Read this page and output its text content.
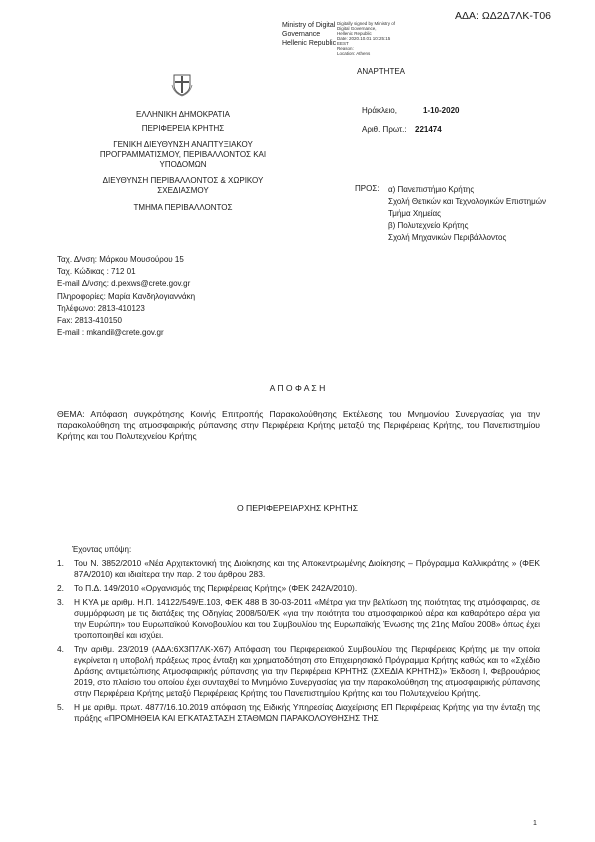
ΑΔΑ: ΩΔ2Δ7ΛΚ-Τ06
Ministry of Digital
Governance
Hellenic Republic
Digitally signed by Ministry of
Digital Governance,
Hellenic Republic
Date: 2020.10.01 10:25:15
EEST
Reason:
Location: Athens
ΑΝΑΡΤΗΤΕΑ
ΕΛΛΗΝΙΚΗ ΔΗΜΟΚΡΑΤΙΑ
ΠΕΡΙΦΕΡΕΙΑ ΚΡΗΤΗΣ
ΓΕΝΙΚΗ ΔΙΕΥΘΥΝΣΗ ΑΝΑΠΤΥΞΙΑΚΟΥ
ΠΡΟΓΡΑΜΜΑΤΙΣΜΟΥ, ΠΕΡΙΒΑΛΛΟΝΤΟΣ ΚΑΙ
ΥΠΟΔΟΜΩΝ
ΔΙΕΥΘΥΝΣΗ ΠΕΡΙΒΑΛΛΟΝΤΟΣ & ΧΩΡΙΚΟΥ
ΣΧΕΔΙΑΣΜΟΥ
ΤΜΗΜΑ ΠΕΡΙΒΑΛΛΟΝΤΟΣ
Ηράκλειο,	1-10-2020
Αριθ. Πρωτ.: 221474
ΠΡΟΣ: α) Πανεπιστήμιο Κρήτης
Σχολή Θετικών και Τεχνολογικών Επιστημών
Τμήμα Χημείας
β) Πολυτεχνείο Κρήτης
Σχολή Μηχανικών Περιβάλλοντος
Ταχ. Δ/νση: Μάρκου Μουσούρου 15
Ταχ. Κώδικας : 712 01
E-mail Δ/νσης: d.pexws@crete.gov.gr
Πληροφορίες: Μαρία Κανδηλογιαννάκη
Τηλέφωνο: 2813-410123
Fax: 2813-410150
E-mail : mkandil@crete.gov.gr
Α Π Ο Φ Α Σ Η
ΘΕΜΑ: Απόφαση συγκρότησης Κοινής Επιτροπής Παρακολούθησης Εκτέλεσης του Μνημονίου Συνεργασίας για την παρακολούθηση της ατμοσφαιρικής ρύπανσης στην Περιφέρεια Κρήτης μεταξύ της Περιφέρειας Κρήτης, του Πανεπιστημίου Κρήτης και του Πολυτεχνείου Κρήτης
Ο ΠΕΡΙΦΕΡΕΙΑΡΧΗΣ ΚΡΗΤΗΣ
Έχοντας υπόψη:
1. Του Ν. 3852/2010 «Νέα Αρχιτεκτονική της Διοίκησης και της Αποκεντρωμένης Διοίκησης – Πρόγραμμα Καλλικράτης » (ΦΕΚ 87Α/2010) και ιδιαίτερα την παρ. 2 του άρθρου 283.
2. Το Π.Δ. 149/2010 «Οργανισμός της Περιφέρειας Κρήτης» (ΦΕΚ 242Α/2010).
3. Η ΚΥΑ με αριθμ. Η.Π. 14122/549/Ε.103, ΦΕΚ 488 Β 30-03-2011 «Μέτρα για την βελτίωση της ποιότητας της ατμόσφαιρας, σε συμμόρφωση με τις διατάξεις της Οδηγίας 2008/50/ΕΚ «για την ποιότητα του ατμοσφαιρικού αέρα και καθαρότερο αέρα για την Ευρώπη» του Ευρωπαϊκού Κοινοβουλίου και του Συμβουλίου της Ευρωπαϊκής Ένωσης της 21ης Μαΐου 2008» όπως έχει τροποποιηθεί και ισχύει.
4. Την αριθμ. 23/2019 (ΑΔΑ:6Χ3Π7ΛΚ-Χ67) Απόφαση του Περιφερειακού Συμβουλίου της Περιφέρειας Κρήτης με την οποία εγκρίνεται η υποβολή πράξεως προς ένταξη και χρηματοδότηση στο Επιχειρησιακό Πρόγραμμα Κρήτης καθώς και το «Σχέδιο Δράσης αντιμετώπισης Ατμοσφαιρικής ρύπανσης για την Περιφέρεια ΚΡΗΤΗΣ (ΣΧΕΔΙΑ ΚΡΗΤΗΣ)» Έκδοση Ι, Φεβρουάριος 2019, στο πλαίσιο του οποίου έχει συνταχθεί το Μνημόνιο Συνεργασίας για την παρακολούθηση της ατμοσφαιρικής ρύπανσης στην Περιφέρεια Κρήτης μεταξύ Περιφέρειας Κρήτης του Πανεπιστημίου Κρήτης και του Πολυτεχνείου Κρήτης.
5. Η με αριθμ. πρωτ. 4877/16.10.2019 απόφαση της Ειδικής Υπηρεσίας Διαχείρισης ΕΠ Περιφέρειας Κρήτης για την ένταξη της πράξης «ΠΡΟΜΗΘΕΙΑ ΚΑΙ ΕΓΚΑΤΑΣΤΑΣΗ ΣΤΑΘΜΩΝ ΠΑΡΑΚΟΛΟΥΘΗΣΗΣ ΤΗΣ
1
